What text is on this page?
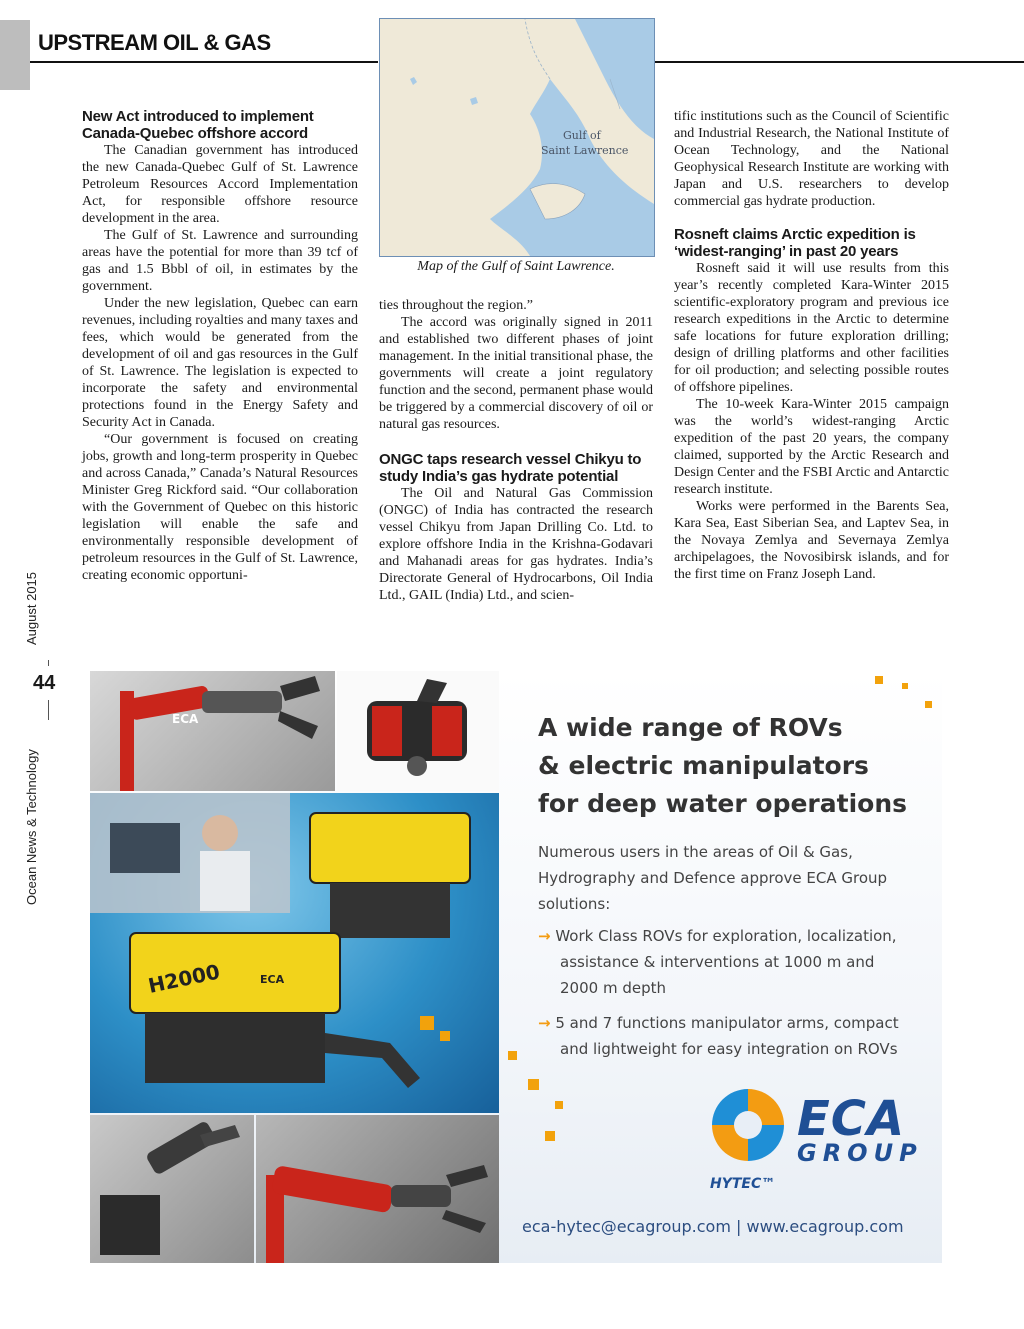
UPSTREAM OIL & GAS
August 2015
44
Ocean News & Technology
New Act introduced to implement Canada-Quebec offshore accord

The Canadian government has introduced the new Canada-Quebec Gulf of St. Lawrence Petroleum Resources Accord Implementation Act, for responsible offshore resource development in the area.

The Gulf of St. Lawrence and surrounding areas have the potential for more than 39 tcf of gas and 1.5 Bbbl of oil, in estimates by the government.

Under the new legislation, Quebec can earn revenues, including royalties and many taxes and fees, which would be generated from the development of oil and gas resources in the Gulf of St. Lawrence. The legislation is expected to incorporate the safety and environmental protections found in the Energy Safety and Security Act in Canada.

“Our government is focused on creating jobs, growth and long-term prosperity in Quebec and across Canada,” Canada’s Natural Resources Minister Greg Rickford said. “Our collaboration with the Government of Quebec on this historic legislation will enable the safe and environmentally responsible development of petroleum resources in the Gulf of St. Lawrence, creating economic opportuni-

Gulf of
Saint Lawrence
Map of the Gulf of Saint Lawrence.

ties throughout the region.”

The accord was originally signed in 2011 and established two different phases of joint management. In the initial transitional phase, the governments will create a joint regulatory function and the second, permanent phase would be triggered by a commercial discovery of oil or natural gas resources.

ONGC taps research vessel Chikyu to study India’s gas hydrate potential

The Oil and Natural Gas Commission (ONGC) of India has contracted the research vessel Chikyu from Japan Drilling Co. Ltd. to explore offshore India in the Krishna-Godavari and Mahanadi areas for gas hydrates. India’s Directorate General of Hydrocarbons, Oil India Ltd., GAIL (India) Ltd., and scien-

tific institutions such as the Council of Scientific and Industrial Research, the National Institute of Ocean Technology, and the National Geophysical Research Institute are working with Japan and U.S. researchers to develop commercial gas hydrate production.

Rosneft claims Arctic expedition is ‘widest-ranging’ in past 20 years

Rosneft said it will use results from this year’s recently completed Kara-Winter 2015 scientific-exploratory program and previous ice research expeditions in the Arctic to determine safe locations for future exploration drilling; design of drilling platforms and other facilities for oil production; and selecting possible routes of offshore pipelines.

The 10-week Kara-Winter 2015 campaign was the world’s widest-ranging Arctic expedition of the past 20 years, the company claimed, supported by the Arctic Research and Design Center and the FSBI Arctic and Antarctic research institute.

Works were performed in the Barents Sea, Kara Sea, East Siberian Sea, and Laptev Sea, in the Novaya Zemlya and Severnaya Zemlya archipelagoes, the Novosibirsk islands, and for the first time on Franz Joseph Land.

ECA
H2000	ECA
A wide range of ROVs
& electric manipulators
for deep water operations
Numerous users in the areas of Oil & Gas,
Hydrography and Defence approve ECA Group
solutions:
→ Work Class ROVs for exploration, localization,
assistance & interventions at 1000 m and
2000 m depth
→ 5 and 7 functions manipulator arms, compact
and lightweight for easy integration on ROVs
ECA
GROUP
HYTEC™
eca-hytec@ecagroup.com | www.ecagroup.com
